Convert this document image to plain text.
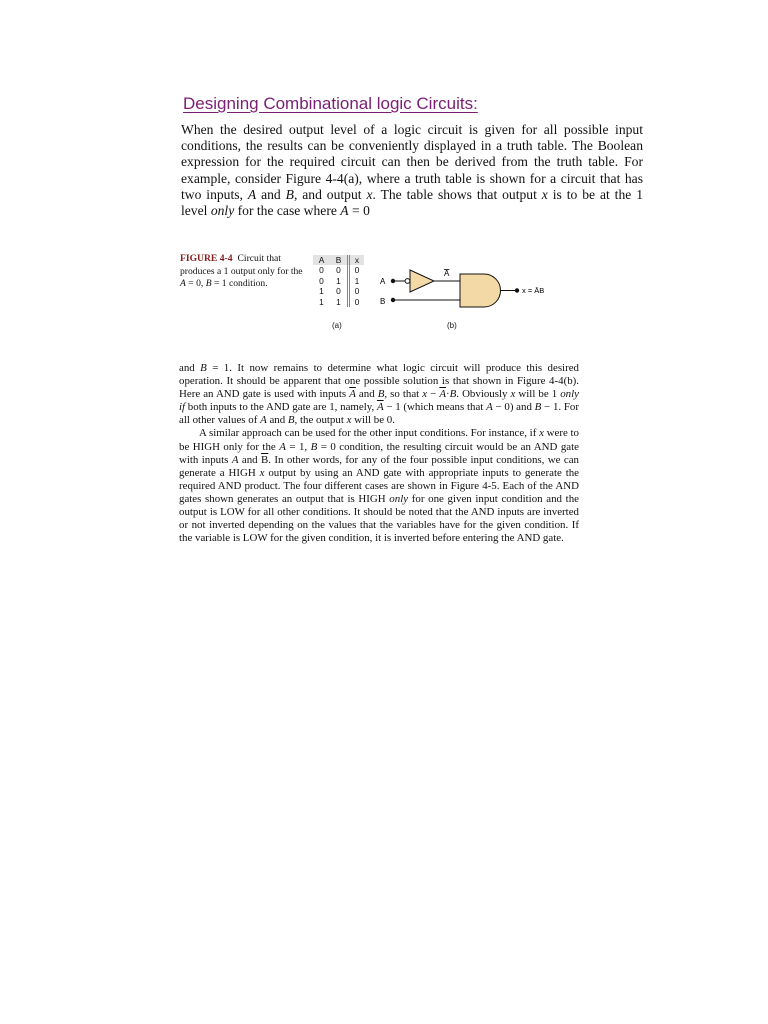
Designing Combinational logic Circuits:

When the desired output level of a logic circuit is given for all possible input conditions, the results can be conveniently displayed in a truth table. The Boolean expression for the required circuit can then be derived from the truth table. For example, consider Figure 4-4(a), where a truth table is shown for a circuit that has two inputs, A and B, and output x. The table shows that output x is to be at the 1 level only for the case where A = 0

FIGURE 4-4 Circuit that produces a 1 output only for the A = 0, B = 1 condition.

A	B	x
0	0	0
0	1	1
1	0	0
1	1	0
(a)	(b)
A
A
B
x = ĀB

and B = 1. It now remains to determine what logic circuit will produce this desired operation. It should be apparent that one possible solution is that shown in Figure 4-4(b). Here an AND gate is used with inputs $\overline{A}$ and B, so that $x - \overline{A}\cdot B$. Obviously x will be 1 only if both inputs to the AND gate are 1, namely, $\overline{A} - 1$ (which means that A − 0) and B − 1. For all other values of A and B, the output x will be 0.

A similar approach can be used for the other input conditions. For instance, if x were to be HIGH only for the A = 1, B = 0 condition, the resulting circuit would be an AND gate with inputs A and $\overline{B}$. In other words, for any of the four possible input conditions, we can generate a HIGH x output by using an AND gate with appropriate inputs to generate the required AND product. The four different cases are shown in Figure 4-5. Each of the AND gates shown generates an output that is HIGH only for one given input condition and the output is LOW for all other conditions. It should be noted that the AND inputs are inverted or not inverted depending on the values that the variables have for the given condition. If the variable is LOW for the given condition, it is inverted before entering the AND gate.
